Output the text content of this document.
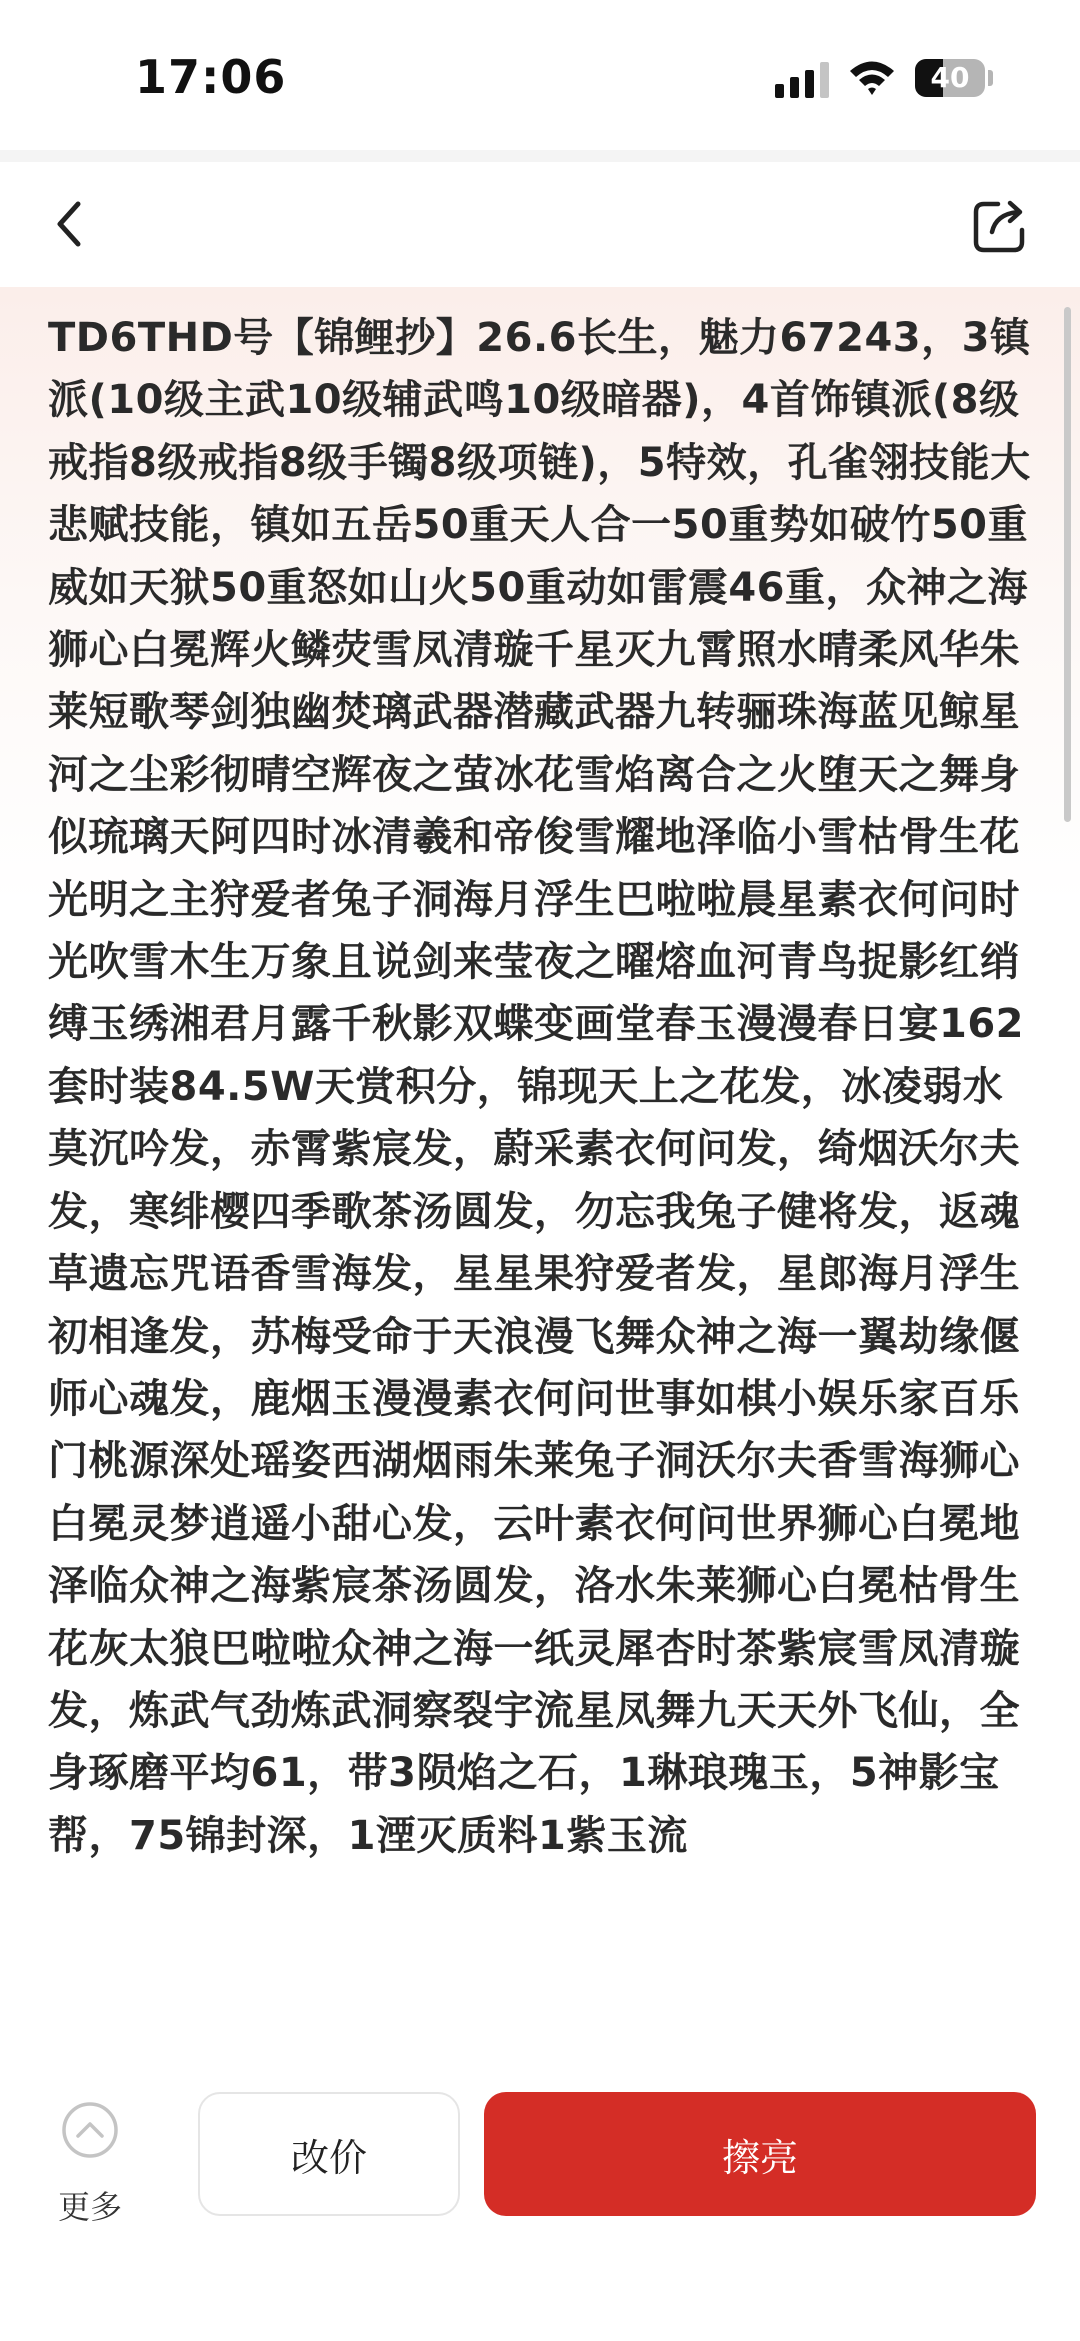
17:06	40

TD6THD号【锦鲤抄】26.6长生，魅力67243，3镇派(10级主武10级辅武鸣10级暗器)，4首饰镇派(8级戒指8级戒指8级手镯8级项链)，5特效，孔雀翎技能大悲赋技能，镇如五岳50重天人合一50重势如破竹50重威如天狱50重怒如山火50重动如雷震46重，众神之海狮心白冕辉火鳞荧雪凤清璇千星灭九霄照水晴柔风华朱莱短歌琴剑独幽焚璃武器潜藏武器九转骊珠海蓝见鲸星河之尘彩彻晴空辉夜之萤冰花雪焰离合之火堕天之舞身似琉璃天阿四时冰清羲和帝俊雪耀地泽临小雪枯骨生花光明之主狩爱者兔子洞海月浮生巴啦啦晨星素衣何问时光吹雪木生万象且说剑来莹夜之曜熔血河青鸟捉影红绡缚玉绣湘君月露千秋影双蝶变画堂春玉漫漫春日宴162套时装84.5W天赏积分，锦现天上之花发，冰凌弱水莫沉吟发，赤霄紫宸发，蔚采素衣何问发，绮烟沃尔夫发，寒绯樱四季歌茶汤圆发，勿忘我兔子健将发，返魂草遗忘咒语香雪海发，星星果狩爱者发，星郎海月浮生初相逢发，苏梅受命于天浪漫飞舞众神之海一翼劫缘偃师心魂发，鹿烟玉漫漫素衣何问世事如棋小娱乐家百乐门桃源深处瑶姿西湖烟雨朱莱兔子洞沃尔夫香雪海狮心白冕灵梦逍遥小甜心发，云叶素衣何问世界狮心白冕地泽临众神之海紫宸茶汤圆发，洛水朱莱狮心白冕枯骨生花灰太狼巴啦啦众神之海一纸灵犀杏时茶紫宸雪凤清璇发，炼武气劲炼武洞察裂宇流星凤舞九天天外飞仙，全身琢磨平均61，带3陨焰之石，1琳琅瑰玉，5神影宝帮，75锦封深，1湮灭质料1紫玉流

更多
改价	擦亮
